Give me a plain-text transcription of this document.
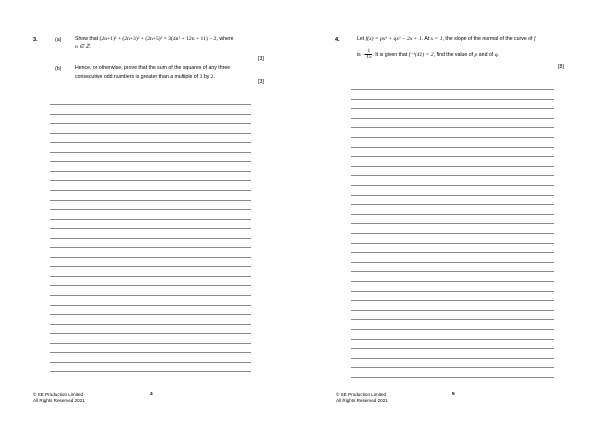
3.	(a)	Show that (2n+1)² + (2n+3)² + (2n+5)² = 3(4n² + 12n + 11) − 2, where
n ∈ ℤ.
[3]
(b)	Hence, or otherwise, prove that the sum of the squares of any three
consecutive odd numbers is greater than a multiple of 3 by 2.
[3]
© SE Production Limited
All Rights Reserved 2021
4
4.	Let f(x) = px³ + qx² − 2x + 1. At x = 1, the slope of the normal of the curve of f
is − $\frac{1}{15}$ . It is given that f⁻¹(41) = 2, find the value of p and of q.
[8]
© SE Production Limited
All Rights Reserved 2021
5
